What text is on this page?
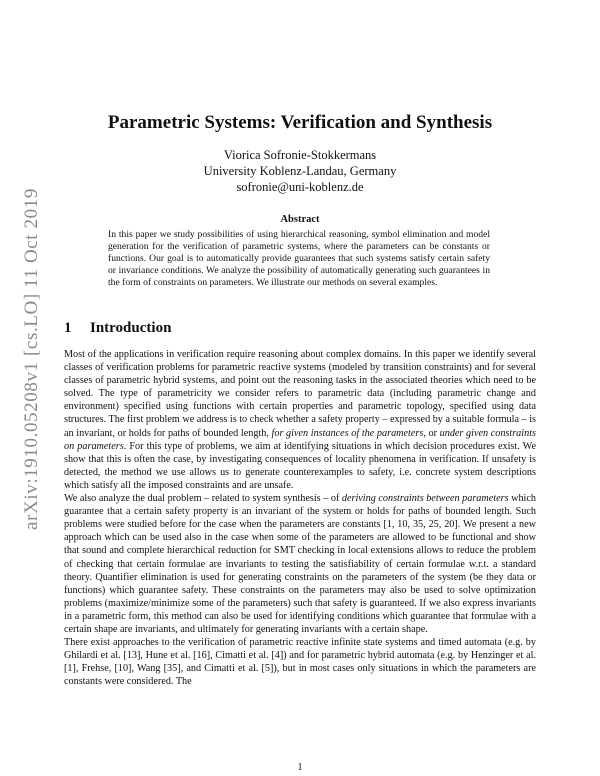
arXiv:1910.05208v1 [cs.LO] 11 Oct 2019
Parametric Systems: Verification and Synthesis
Viorica Sofronie-Stokkermans
University Koblenz-Landau, Germany
sofronie@uni-koblenz.de
Abstract

In this paper we study possibilities of using hierarchical reasoning, symbol elimination and model generation for the verification of parametric systems, where the parameters can be constants or functions. Our goal is to automatically provide guarantees that such systems satisfy certain safety or invariance conditions. We analyze the possibility of automatically generating such guarantees in the form of constraints on parameters. We illustrate our methods on several examples.

1 Introduction

Most of the applications in verification require reasoning about complex domains. In this paper we identify several classes of verification problems for parametric reactive systems (modeled by transition constraints) and for several classes of parametric hybrid systems, and point out the reasoning tasks in the associated theories which need to be solved. The type of parametricity we consider refers to parametric data (including parametric change and environment) specified using functions with certain properties and parametric topology, specified using data structures. The first problem we address is to check whether a safety property – expressed by a suitable formula – is an invariant, or holds for paths of bounded length, for given instances of the parameters, or under given constraints on parameters. For this type of problems, we aim at identifying situations in which decision procedures exist. We show that this is often the case, by investigating consequences of locality phenomena in verification. If unsafety is detected, the method we use allows us to generate counterexamples to safety, i.e. concrete system descriptions which satisfy all the imposed constraints and are unsafe.

We also analyze the dual problem – related to system synthesis – of deriving constraints between parameters which guarantee that a certain safety property is an invariant of the system or holds for paths of bounded length. Such problems were studied before for the case when the parameters are constants [1, 10, 35, 25, 20]. We present a new approach which can be used also in the case when some of the parameters are allowed to be functional and show that sound and complete hierarchical reduction for SMT checking in local extensions allows to reduce the problem of checking that certain formulae are invariants to testing the satisfiability of certain formulae w.r.t. a standard theory. Quantifier elimination is used for generating constraints on the parameters of the system (be they data or functions) which guarantee safety. These constraints on the parameters may also be used to solve optimization problems (maximize/minimize some of the parameters) such that safety is guaranteed. If we also express invariants in a parametric form, this method can also be used for identifying conditions which guarantee that formulae with a certain shape are invariants, and ultimately for generating invariants with a certain shape.

There exist approaches to the verification of parametric reactive infinite state systems and timed automata (e.g. by Ghilardi et al. [13], Hune et al. [16], Cimatti et al. [4]) and for parametric hybrid automata (e.g. by Henzinger et al. [1], Frehse, [10], Wang [35], and Cimatti et al. [5]), but in most cases only situations in which the parameters are constants were considered. The

1
